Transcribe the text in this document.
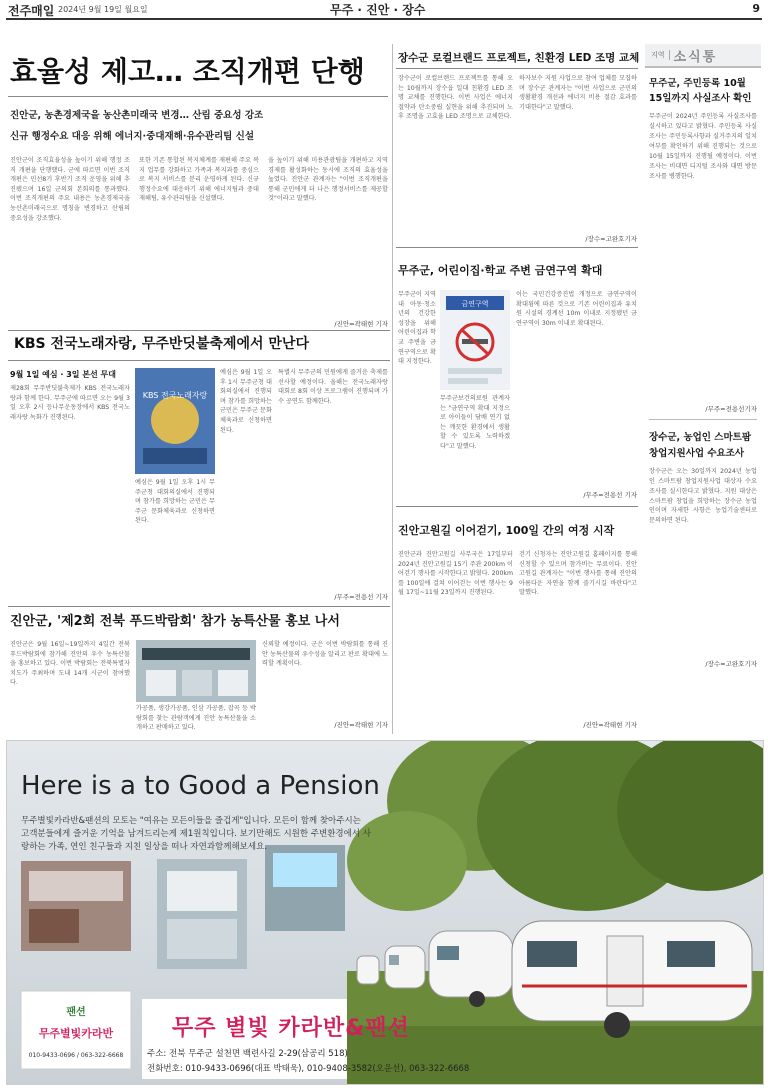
전주매일 2024년 9월 19일 월요일	무주 · 진안 · 장수	9
효율성 제고… 조직개편 단행
진안군, 농촌경제국을 농산촌미래국 변경… 산림 중요성 강조
신규 행정수요 대응 위해 에너지·중대재해·유수관리팀 신설
진안군이 조직효율성을 높이기 위해 행정 조직 개편을 단행했다. 군에 따르면 이번 조직개편은 민선8기 후반기 조직 운영을 위해 추진됐으며 16일 군의회 본회의를 통과했다. 이번 조직개편의 주요 내용은 농촌경제국을 농산촌미래국으로 명칭을 변경하고 산림의 중요성을 강조했다.
또한 기존 통합된 복지체계를 재편해 주요 복지 업무를 강화하고 가족과 복지과를 중심으로 복지 서비스를 분리 운영하게 된다. 신규 행정수요에 대응하기 위해 에너지팀과 중대재해팀, 유수관리팀을 신설했다.
을 높이기 위해 미용관광팀을 개편하고 지역경제를 활성화하는 동시에 조직의 효율성을 높였다. 진안군 관계자는 "이번 조직개편을 통해 군민에게 더 나은 행정서비스를 제공할 것"이라고 말했다.
/진안=곽태현 기자
KBS 전국노래자랑, 무주반딧불축제에서 만난다
9월 1일 예심 · 3일 본선 무대
제28회 무주반딧불축제가 KBS 전국노래자랑과 함께 한다. 무주군에 따르면 오는 9월 3일 오후 2시 등나무운동장에서 KBS 전국노래자랑 녹화가 진행된다.
KBS 전국노래자랑
예심은 9월 1일 오후 1시 무주군청 대회의실에서 진행되며 참가를 희망하는 군민은 무주군 문화체육과로 신청하면 된다.
예심은 9월 1일 오후 1시 무주군청 대회의실에서 진행되며 참가를 희망하는 군민은 무주군 문화체육과로 신청하면 된다.
특별시 무주군의 민원에게 즐거운 축제를 선사할 예정이다. 올해는 전국노래자랑 대회로 8회 이상 프로그램이 진행되며 가수 공연도 함께한다.
/무주=전용선 기자
진안군, '제2회 전북 푸드박람회' 참가 농특산물 홍보 나서
진안군은 9월 16일~19일까지 4일간 전북 푸드박람회에 참가해 진안의 우수 농특산물을 홍보하고 있다. 이번 박람회는 전북특별자치도가 주최하며 도내 14개 시군이 참여했다.
가공품, 생강가공품, 인삼 가공품, 잡곡 등 박람회를 찾는 관람객에게 진안 농특산물을 소개하고 판매하고 있다.
신뢰할 예정이다. 군은 이번 박람회를 통해 진안 농특산물의 우수성을 알리고 판로 확대에 노력할 계획이다.
/진안=곽태현 기자
장수군 로컬브랜드 프로젝트, 친환경 LED 조명 교체
장수군이 로컬브랜드 프로젝트를 통해 오는 10월까지 장수읍 일대 친환경 LED 조명 교체를 진행한다. 이번 사업은 에너지 절약과 탄소중립 실현을 위해 추진되며 노후 조명을 고효율 LED 조명으로 교체한다.
하자보수 지원 사업으로 참여 업체를 모집하며 장수군 관계자는 "이번 사업으로 군민의 생활환경 개선과 에너지 비용 절감 효과를 기대한다"고 말했다.
/장수=고완호기자
무주군, 어린이집·학교 주변 금연구역 확대
무주군이 지역 내 아동·청소년의 건강한 성장을 위해 어린이집과 학교 주변을 금연구역으로 확대 지정한다.
금연구역
무주군보건의료원 관계자는 "금연구역 확대 지정으로 아이들이 담배 연기 없는 깨끗한 환경에서 생활할 수 있도록 노력하겠다"고 말했다.
이는 국민건강증진법 개정으로 금연구역이 확대됨에 따른 것으로 기존 어린이집과 유치원 시설의 경계선 10m 이내로 지정됐던 금연구역이 30m 이내로 확대된다.
/무주=전용선 기자
진안고원길 이어걷기, 100일 간의 여정 시작
진안군과 진안고원길 사무국은 17일부터 2024년 진안고원길 15기 주관 200km 이어걷기 행사를 시작한다고 밝혔다. 200km를 100일에 걸쳐 이어걷는 이번 행사는 9월 17일~11월 23일까지 진행된다.
걷기 신청자는 진안고원길 홈페이지를 통해 신청할 수 있으며 참가비는 무료이다. 진안고원길 관계자는 "이번 행사를 통해 진안의 아름다운 자연을 함께 즐기시길 바란다"고 말했다.
/진안=곽태현 기자
지역 소식통
무주군, 주민등록 10월 15일까지 사실조사 확인
무주군이 2024년 주민등록 사실조사를 실시하고 있다고 밝혔다. 주민등록 사실조사는 주민등록사항과 실거주지의 일치 여부를 확인하기 위해 진행되는 것으로 10월 15일까지 진행될 예정이다. 이번 조사는 비대면 디지털 조사와 대면 방문 조사를 병행한다.
/무주=전용선기자
장수군, 농업인 스마트팜 창업지원사업 수요조사
장수군은 오는 30일까지 2024년 농업인 스마트팜 창업지원사업 대상자 수요조사를 실시한다고 밝혔다. 지원 대상은 스마트팜 창업을 희망하는 장수군 농업인이며 자세한 사항은 농업기술센터로 문의하면 된다.
/장수=고완호기자
팬션
무주별빛카라반
010-9433-0696 / 063-322-6668
Here is a to Good a Pension
무주별빛카라반&팬션의 모토는 "여유는 모든이들을 즐겁게"입니다. 모든이 함께 찾아주시는 고객분들에게 즐거운 기억을 남겨드리는게 제1원칙입니다. 보기만해도 시원한 주변환경에서 사랑하는 가족, 연인 친구들과 지친 일상을 떠나 자연과함께해보세요.
무주 별빛 카라반&팬션
주소: 전북 무주군 설천면 백련사길 2-29(삼공리 518)
전화번호: 010-9433-0696(대표 박태욱), 010-9408-3582(오운선), 063-322-6668
